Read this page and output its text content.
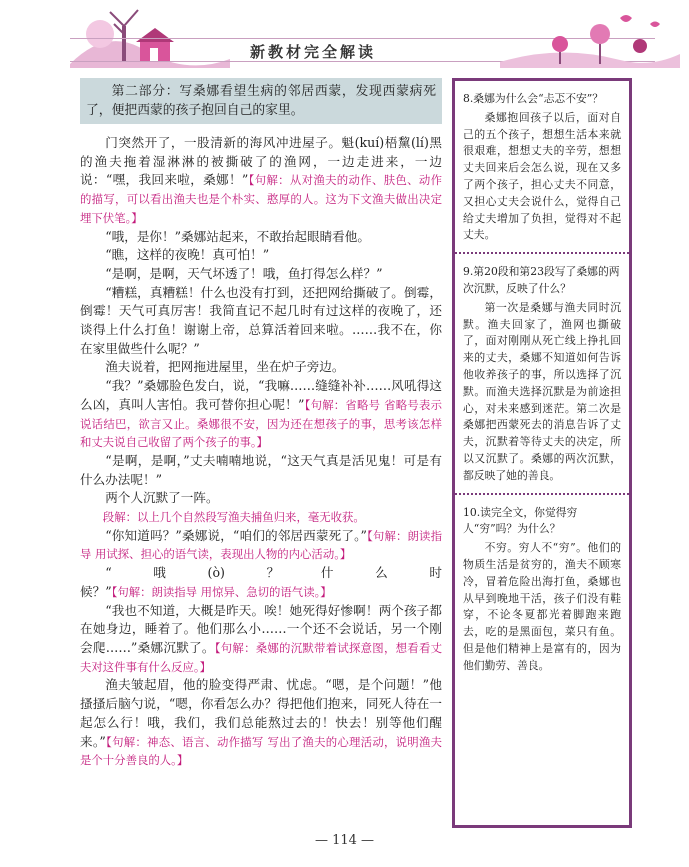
新教材完全解读

第二部分：写桑娜看望生病的邻居西蒙，发现西蒙病死了，便把西蒙的孩子抱回自己的家里。

门突然开了，一股清新的海风冲进屋子。魁(kuí)梧黧(lí)黑的渔夫拖着湿淋淋的被撕破了的渔网，一边走进来，一边说：“嘿，我回来啦，桑娜！”【句解：从对渔夫的动作、肤色、动作的描写，可以看出渔夫也是个朴实、憨厚的人。这为下文渔夫做出决定埋下伏笔。】

“哦，是你！”桑娜站起来，不敢抬起眼睛看他。

“瞧，这样的夜晚！真可怕！”

“是啊，是啊，天气坏透了！哦，鱼打得怎么样？”

“糟糕，真糟糕！什么也没有打到，还把网给撕破了。倒霉，倒霉！天气可真厉害！我简直记不起几时有过这样的夜晚了，还谈得上什么打鱼！谢谢上帝，总算活着回来啦。……我不在，你在家里做些什么呢？”

渔夫说着，把网拖进屋里，坐在炉子旁边。

“我？”桑娜脸色发白，说，“我嘛……缝缝补补……风吼得这么凶，真叫人害怕。我可替你担心呢！”【句解：省略号 省略号表示说话结巴，欲言又止。桑娜很不安，因为还在想孩子的事，思考该怎样和丈夫说自己收留了两个孩子的事。】

“是啊，是啊，”丈夫喃喃地说，“这天气真是活见鬼！可是有什么办法呢！”

两个人沉默了一阵。

段解：以上几个自然段写渔夫捕鱼归来，毫无收获。

“你知道吗？”桑娜说，“咱们的邻居西蒙死了。”【句解：朗读指导 用试探、担心的语气读，表现出人物的内心活动。】

“哦(ò)？什么时候？”【句解：朗读指导 用惊异、急切的语气读。】

“我也不知道，大概是昨天。唉！她死得好惨啊！两个孩子都在她身边，睡着了。他们那么小……一个还不会说话，另一个刚会爬……”桑娜沉默了。【句解：桑娜的沉默带着试探意图，想看看丈夫对这件事有什么反应。】

渔夫皱起眉，他的脸变得严肃、忧虑。“嗯，是个问题！”他搔搔后脑勺说，“嗯，你看怎么办？得把他们抱来，同死人待在一起怎么行！哦，我们，我们总能熬过去的！快去！别等他们醒来。”【句解：神态、语言、动作描写 写出了渔夫的心理活动，说明渔夫是个十分善良的人。】

8.桑娜为什么会“忐忑不安”？

桑娜抱回孩子以后，面对自己的五个孩子，想想生活本来就很艰难，想想丈夫的辛劳，想想丈夫回来后会怎么说，现在又多了两个孩子，担心丈夫不同意，又担心丈夫会说什么，觉得自己给丈夫增加了负担，觉得对不起丈夫。

9.第20段和第23段写了桑娜的两次沉默，反映了什么？

第一次是桑娜与渔夫同时沉默。渔夫回家了，渔网也撕破了，面对刚刚从死亡线上挣扎回来的丈夫，桑娜不知道如何告诉他收养孩子的事，所以选择了沉默。而渔夫选择沉默是为前途担心，对未来感到迷茫。第二次是桑娜把西蒙死去的消息告诉了丈夫，沉默着等待丈夫的决定，所以又沉默了。桑娜的两次沉默，都反映了她的善良。

10.读完全文，你觉得穷人“穷”吗？为什么？

不穷。穷人不“穷”。他们的物质生活是贫穷的，渔夫不顾寒冷，冒着危险出海打鱼，桑娜也从早到晚地干活，孩子们没有鞋穿，不论冬夏都光着脚跑来跑去，吃的是黑面包，菜只有鱼。但是他们精神上是富有的，因为他们勤劳、善良。

— 114 —
